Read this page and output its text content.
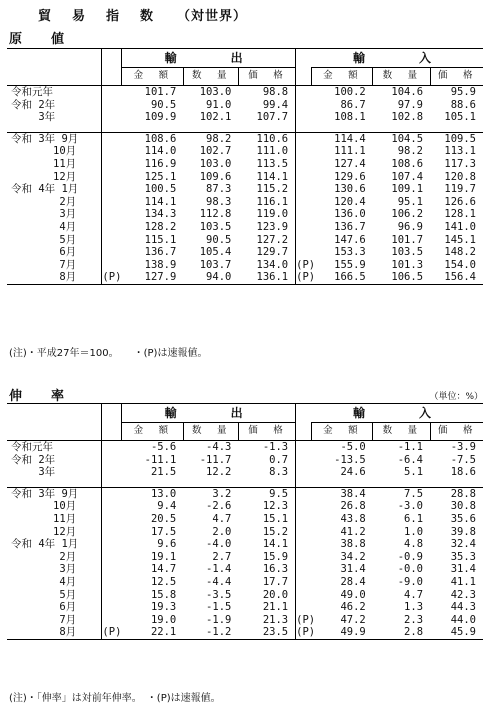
貿　易　指　数 （対世界）
原　値
		輸　　出				輸　　入		
		金　額	数　量	価　格		金　額	数　量	価　格
令和元年		101.7	103.0	98.8		100.2	104.6	95.9
令和 2年		90.5	91.0	99.4		86.7	97.9	88.6
　　 3年		109.9	102.1	107.7		108.1	102.8	105.1

令和 3年 9月		108.6	98.2	110.6		114.4	104.5	109.5
　　　　10月		114.0	102.7	111.0		111.1	98.2	113.1
　　　　11月		116.9	103.0	113.5		127.4	108.6	117.3
　　　　12月		125.1	109.6	114.1		129.6	107.4	120.8
令和 4年 1月		100.5	87.3	115.2		130.6	109.1	119.7
　　　　 2月		114.1	98.3	116.1		120.4	95.1	126.6
　　　　 3月		134.3	112.8	119.0		136.0	106.2	128.1
　　　　 4月		128.2	103.5	123.9		136.7	96.9	141.0
　　　　 5月		115.1	90.5	127.2		147.6	101.7	145.1
　　　　 6月		136.7	105.4	129.7		153.3	103.5	148.2
　　　　 7月		138.9	103.7	134.0	(P)	155.9	101.3	154.0
　　　　 8月	(P)	127.9	94.0	136.1	(P)	166.5	106.5	156.4
(注)・平成27年＝100。　　・(P)は速報値。
伸　率	（単位：%）
		輸　　出				輸　　入		
		金　額	数　量	価　格		金　額	数　量	価　格
令和元年		-5.6	-4.3	-1.3		-5.0	-1.1	-3.9
令和 2年		-11.1	-11.7	0.7		-13.5	-6.4	-7.5
　　 3年		21.5	12.2	8.3		24.6	5.1	18.6

令和 3年 9月		13.0	3.2	9.5		38.4	7.5	28.8
　　　　10月		9.4	-2.6	12.3		26.8	-3.0	30.8
　　　　11月		20.5	4.7	15.1		43.8	6.1	35.6
　　　　12月		17.5	2.0	15.2		41.2	1.0	39.8
令和 4年 1月		9.6	-4.0	14.1		38.8	4.8	32.4
　　　　 2月		19.1	2.7	15.9		34.2	-0.9	35.3
　　　　 3月		14.7	-1.4	16.3		31.4	-0.0	31.4
　　　　 4月		12.5	-4.4	17.7		28.4	-9.0	41.1
　　　　 5月		15.8	-3.5	20.0		49.0	4.7	42.3
　　　　 6月		19.3	-1.5	21.1		46.2	1.3	44.3
　　　　 7月		19.0	-1.9	21.3	(P)	47.2	2.3	44.0
　　　　 8月	(P)	22.1	-1.2	23.5	(P)	49.9	2.8	45.9
(注)・「伸率」は対前年伸率。　・(P)は速報値。
